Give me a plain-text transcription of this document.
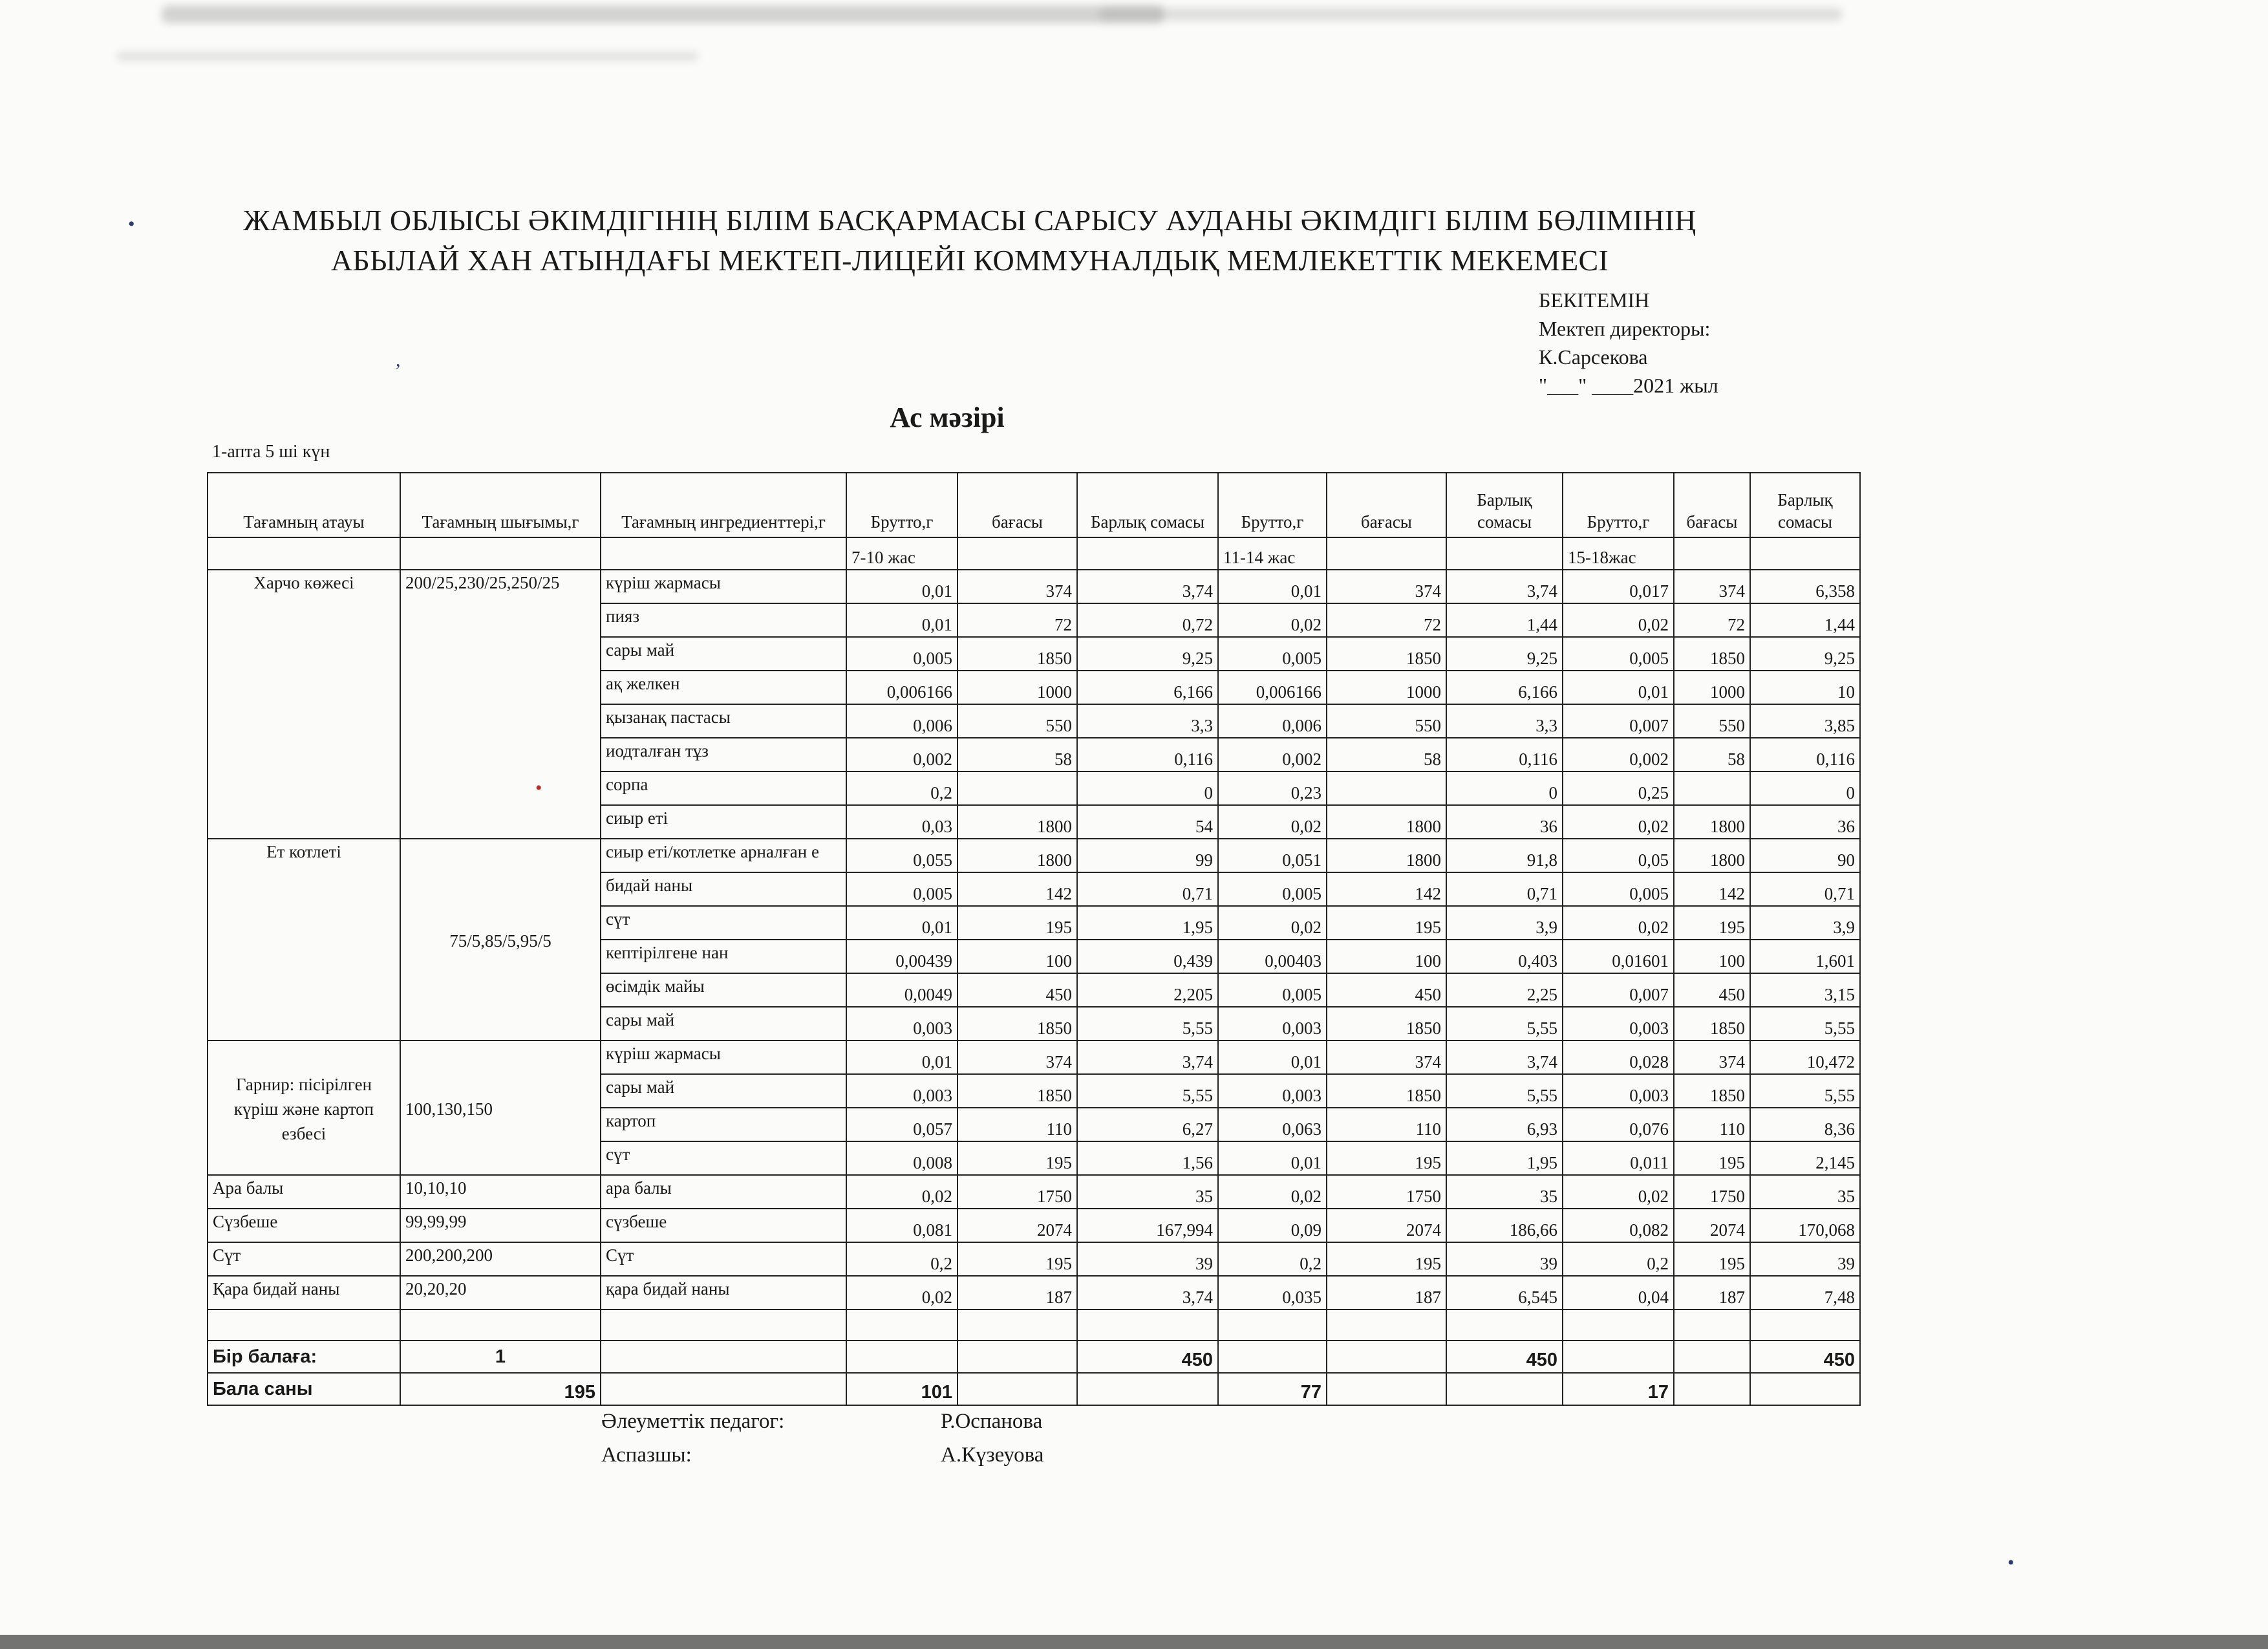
•
,
•
•
ЖАМБЫЛ ОБЛЫСЫ ӘКІМДІГІНІҢ БІЛІМ БАСҚАРМАСЫ САРЫСУ АУДАНЫ ӘКІМДІГІ БІЛІМ БӨЛІМІНІҢ
АБЫЛАЙ ХАН АТЫНДАҒЫ МЕКТЕП-ЛИЦЕЙІ КОММУНАЛДЫҚ МЕМЛЕКЕТТІК МЕКЕМЕСІ
БЕКІТЕМІН
Мектеп директоры:
К.Сарсекова
"___" ____2021 жыл
Ас мәзірі
1-апта 5 ші күн
Тағамның атауы	Тағамның шығымы,г	Тағамның ингредиенттері,г	Брутто,г	бағасы	Барлық сомасы	Брутто,г	бағасы	Барлық сомасы	Брутто,г	бағасы	Барлық сомасы
			7-10 жас			11-14 жас			15-18жас		
Харчо көжесі	200/25,230/25,250/25	күріш жармасы	0,01	374	3,74	0,01	374	3,74	0,017	374	6,358
		пияз	0,01	72	0,72	0,02	72	1,44	0,02	72	1,44
		сары май	0,005	1850	9,25	0,005	1850	9,25	0,005	1850	9,25
		ақ желкен	0,006166	1000	6,166	0,006166	1000	6,166	0,01	1000	10
		қызанақ пастасы	0,006	550	3,3	0,006	550	3,3	0,007	550	3,85
		иодталған тұз	0,002	58	0,116	0,002	58	0,116	0,002	58	0,116
		сорпа	0,2		0	0,23		0	0,25		0
		сиыр еті	0,03	1800	54	0,02	1800	36	0,02	1800	36
Ет котлеті	75/5,85/5,95/5	сиыр еті/котлетке арналған е	0,055	1800	99	0,051	1800	91,8	0,05	1800	90
		бидай наны	0,005	142	0,71	0,005	142	0,71	0,005	142	0,71
		сүт	0,01	195	1,95	0,02	195	3,9	0,02	195	3,9
		кептірілгене нан	0,00439	100	0,439	0,00403	100	0,403	0,01601	100	1,601
		өсімдік майы	0,0049	450	2,205	0,005	450	2,25	0,007	450	3,15
		сары май	0,003	1850	5,55	0,003	1850	5,55	0,003	1850	5,55
Гарнир: пісірілген күріш және картоп езбесі	100,130,150	күріш жармасы	0,01	374	3,74	0,01	374	3,74	0,028	374	10,472
		сары май	0,003	1850	5,55	0,003	1850	5,55	0,003	1850	5,55
		картоп	0,057	110	6,27	0,063	110	6,93	0,076	110	8,36
		сүт	0,008	195	1,56	0,01	195	1,95	0,011	195	2,145
Ара балы	10,10,10	ара балы	0,02	1750	35	0,02	1750	35	0,02	1750	35
Сүзбеше	99,99,99	сүзбеше	0,081	2074	167,994	0,09	2074	186,66	0,082	2074	170,068
Сүт	200,200,200	Сүт	0,2	195	39	0,2	195	39	0,2	195	39
Қара бидай наны	20,20,20	қара бидай наны	0,02	187	3,74	0,035	187	6,545	0,04	187	7,48

Бір балаға:	1				450			450			450
Бала саны	195		101			77			17		
Әлеуметтік педагог:	Р.Оспанова
Аспазшы:	А.Күзеуова
